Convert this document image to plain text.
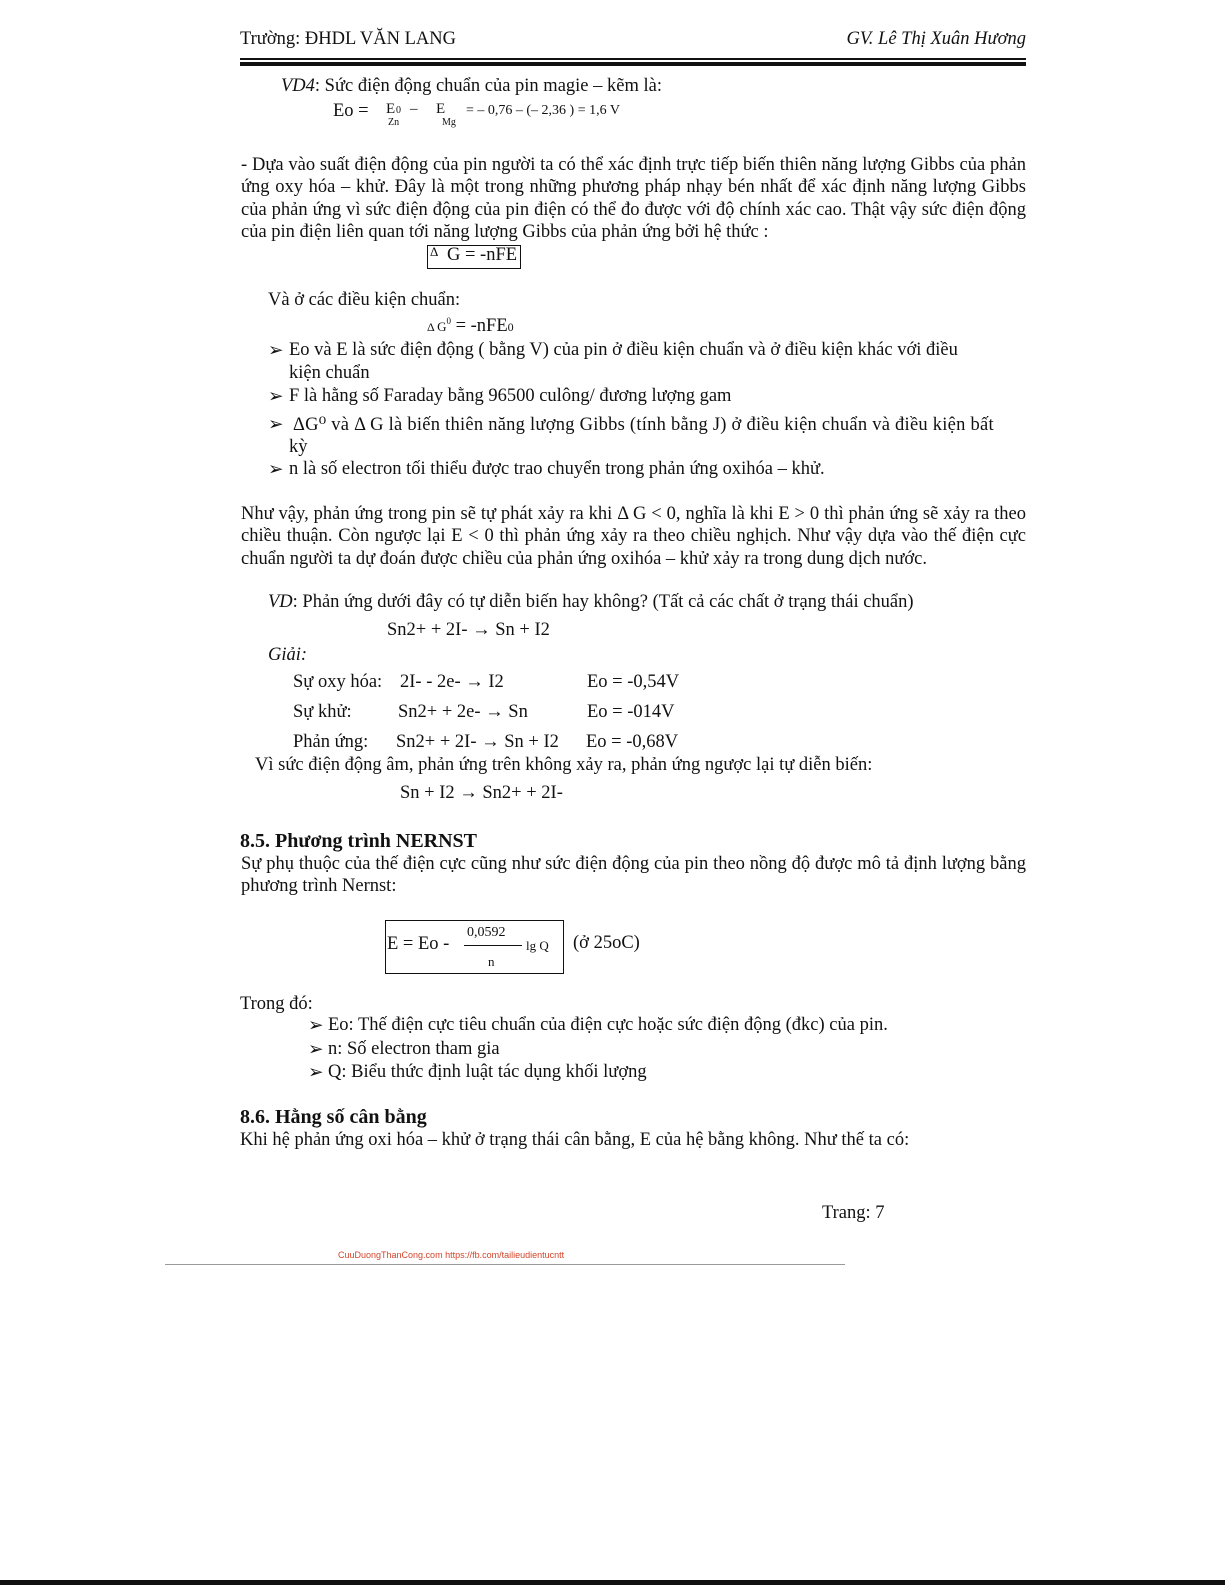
Trường: ĐHDL VĂN LANG	GV. Lê Thị Xuân Hương
VD4: Sức điện động chuẩn của pin magie – kẽm là:
Eo = E 0
Zn
– E
Mg
= – 0,76 – (– 2,36 ) = 1,6 V

- Dựa vào suất điện động của pin người ta có thể xác định trực tiếp biến thiên năng lượng Gibbs của phản ứng oxy hóa – khử. Đây là một trong những phương pháp nhạy bén nhất để xác định năng lượng Gibbs của phản ứng vì sức điện động của pin điện có thể đo được với độ chính xác cao. Thật vậy sức điện động của pin điện liên quan tới năng lượng Gibbs của phản ứng bởi hệ thức :

Δ G = -nFE
Và ở các điều kiện chuẩn:
Δ $G^0 = -nFE0$
➢ Eo và E là sức điện động ( bằng V) của pin ở điều kiện chuẩn và ở điều kiện khác với điều
kiện chuẩn
➢ F là hằng số Faraday bằng 96500 culông/ đương lượng gam
➢ ΔG⁰ và Δ G là biến thiên năng lượng Gibbs (tính bằng J) ở điều kiện chuẩn và điều kiện bất
kỳ
➢ n là số electron tối thiểu được trao chuyển trong phản ứng oxihóa – khử.

Như vậy, phản ứng trong pin sẽ tự phát xảy ra khi Δ G < 0, nghĩa là khi E > 0 thì phản ứng sẽ xảy ra theo chiều thuận. Còn ngược lại E < 0 thì phản ứng xảy ra theo chiều nghịch. Như vậy dựa vào thế điện cực chuẩn người ta dự đoán được chiều của phản ứng oxihóa – khử xảy ra trong dung dịch nước.

VD: Phản ứng dưới đây có tự diễn biến hay không? (Tất cả các chất ở trạng thái chuẩn)
Sn2+ + 2I- → Sn + I2
Giải:
Sự oxy hóa: 2I- - 2e- → I2	Eo = -0,54V
Sự khử:	Sn2+ + 2e- → Sn	Eo = -014V
Phản ứng: Sn2+ + 2I- → Sn + I2 Eo = -0,68V
Vì sức điện động âm, phản ứng trên không xảy ra, phản ứng ngược lại tự diễn biến:
Sn + I2 → Sn2+ + 2I-
8.5. Phương trình NERNST

Sự phụ thuộc của thế điện cực cũng như sức điện động của pin theo nồng độ được mô tả định lượng bằng phương trình Nernst:

E = Eo -
0,0592
n
lg Q (ở 25oC)
Trong đó:
➢ Eo: Thế điện cực tiêu chuẩn của điện cực hoặc sức điện động (đkc) của pin.
➢ n: Số electron tham gia
➢ Q: Biểu thức định luật tác dụng khối lượng
8.6. Hằng số cân bằng
Khi hệ phản ứng oxi hóa – khử ở trạng thái cân bằng, E của hệ bằng không. Như thế ta có:
Trang: 7
CuuDuongThanCong.com https://fb.com/tailieudientucntt
